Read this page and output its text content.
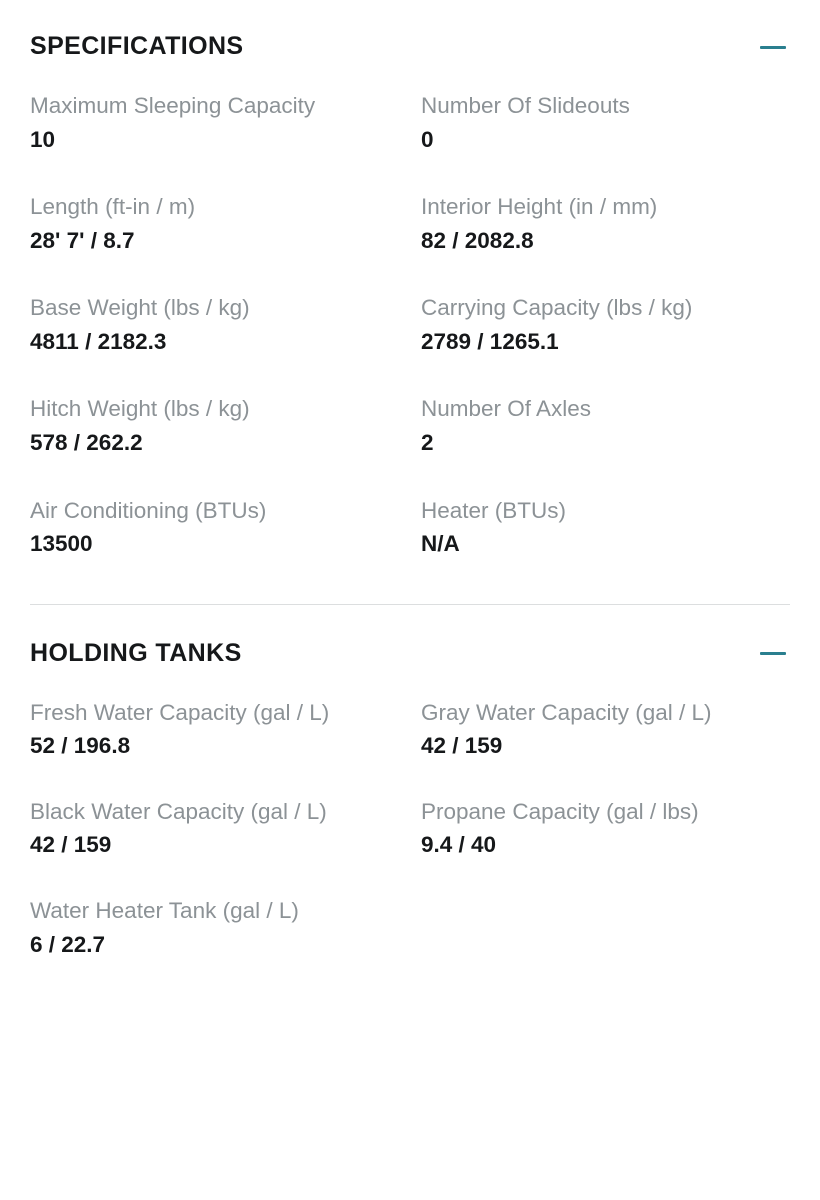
SPECIFICATIONS
Maximum Sleeping Capacity
10
Number Of Slideouts
0
Length (ft-in / m)
28' 7' / 8.7
Interior Height (in / mm)
82 / 2082.8
Base Weight (lbs / kg)
4811 / 2182.3
Carrying Capacity (lbs / kg)
2789 / 1265.1
Hitch Weight (lbs / kg)
578 / 262.2
Number Of Axles
2
Air Conditioning (BTUs)
13500
Heater (BTUs)
N/A
HOLDING TANKS
Fresh Water Capacity (gal / L)
52 / 196.8
Gray Water Capacity (gal / L)
42 / 159
Black Water Capacity (gal / L)
42 / 159
Propane Capacity (gal / lbs)
9.4 / 40
Water Heater Tank (gal / L)
6 / 22.7
